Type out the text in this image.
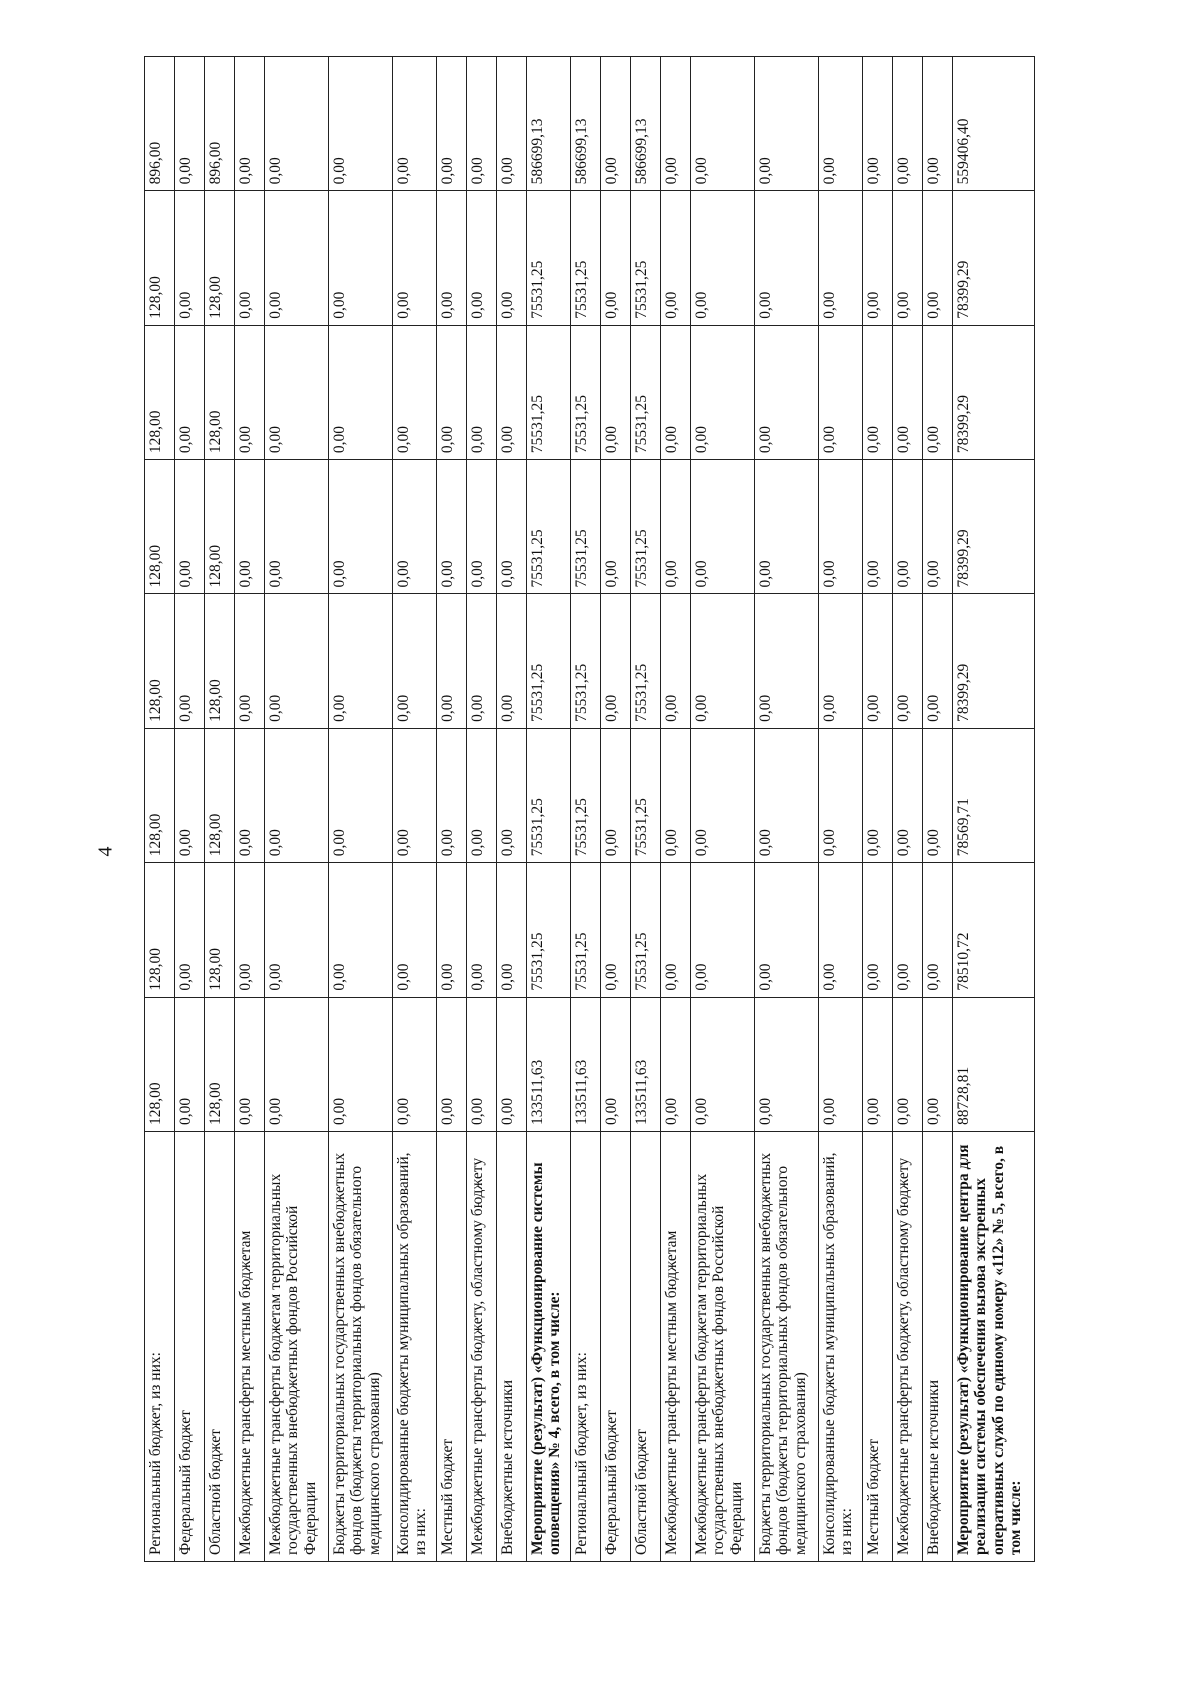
4
Региональный бюджет, из них:	128,00	128,00	128,00	128,00	128,00	128,00	128,00	896,00
Федеральный бюджет	0,00	0,00	0,00	0,00	0,00	0,00	0,00	0,00
Областной бюджет	128,00	128,00	128,00	128,00	128,00	128,00	128,00	896,00
Межбюджетные трансферты местным бюджетам	0,00	0,00	0,00	0,00	0,00	0,00	0,00	0,00
Межбюджетные трансферты бюджетам территориальных государственных внебюджетных фондов Российской Федерации	0,00	0,00	0,00	0,00	0,00	0,00	0,00	0,00
Бюджеты территориальных государственных внебюджетных фондов (бюджеты территориальных фондов обязательного медицинского страхования)	0,00	0,00	0,00	0,00	0,00	0,00	0,00	0,00
Консолидированные бюджеты муниципальных образований, из них:	0,00	0,00	0,00	0,00	0,00	0,00	0,00	0,00
Местный бюджет	0,00	0,00	0,00	0,00	0,00	0,00	0,00	0,00
Межбюджетные трансферты бюджету, областному бюджету	0,00	0,00	0,00	0,00	0,00	0,00	0,00	0,00
Внебюджетные источники	0,00	0,00	0,00	0,00	0,00	0,00	0,00	0,00
Мероприятие (результат) «Функционирование системы оповещения» № 4, всего, в том числе:	133511,63	75531,25	75531,25	75531,25	75531,25	75531,25	75531,25	586699,13
Региональный бюджет, из них:	133511,63	75531,25	75531,25	75531,25	75531,25	75531,25	75531,25	586699,13
Федеральный бюджет	0,00	0,00	0,00	0,00	0,00	0,00	0,00	0,00
Областной бюджет	133511,63	75531,25	75531,25	75531,25	75531,25	75531,25	75531,25	586699,13
Межбюджетные трансферты местным бюджетам	0,00	0,00	0,00	0,00	0,00	0,00	0,00	0,00
Межбюджетные трансферты бюджетам территориальных государственных внебюджетных фондов Российской Федерации	0,00	0,00	0,00	0,00	0,00	0,00	0,00	0,00
Бюджеты территориальных государственных внебюджетных фондов (бюджеты территориальных фондов обязательного медицинского страхования)	0,00	0,00	0,00	0,00	0,00	0,00	0,00	0,00
Консолидированные бюджеты муниципальных образований, из них:	0,00	0,00	0,00	0,00	0,00	0,00	0,00	0,00
Местный бюджет	0,00	0,00	0,00	0,00	0,00	0,00	0,00	0,00
Межбюджетные трансферты бюджету, областному бюджету	0,00	0,00	0,00	0,00	0,00	0,00	0,00	0,00
Внебюджетные источники	0,00	0,00	0,00	0,00	0,00	0,00	0,00	0,00
Мероприятие (результат) «Функционирование центра для реализации системы обеспечения вызова экстренных оперативных служб по единому номеру «112» № 5, всего, в том числе:	88728,81	78510,72	78569,71	78399,29	78399,29	78399,29	78399,29	559406,40
